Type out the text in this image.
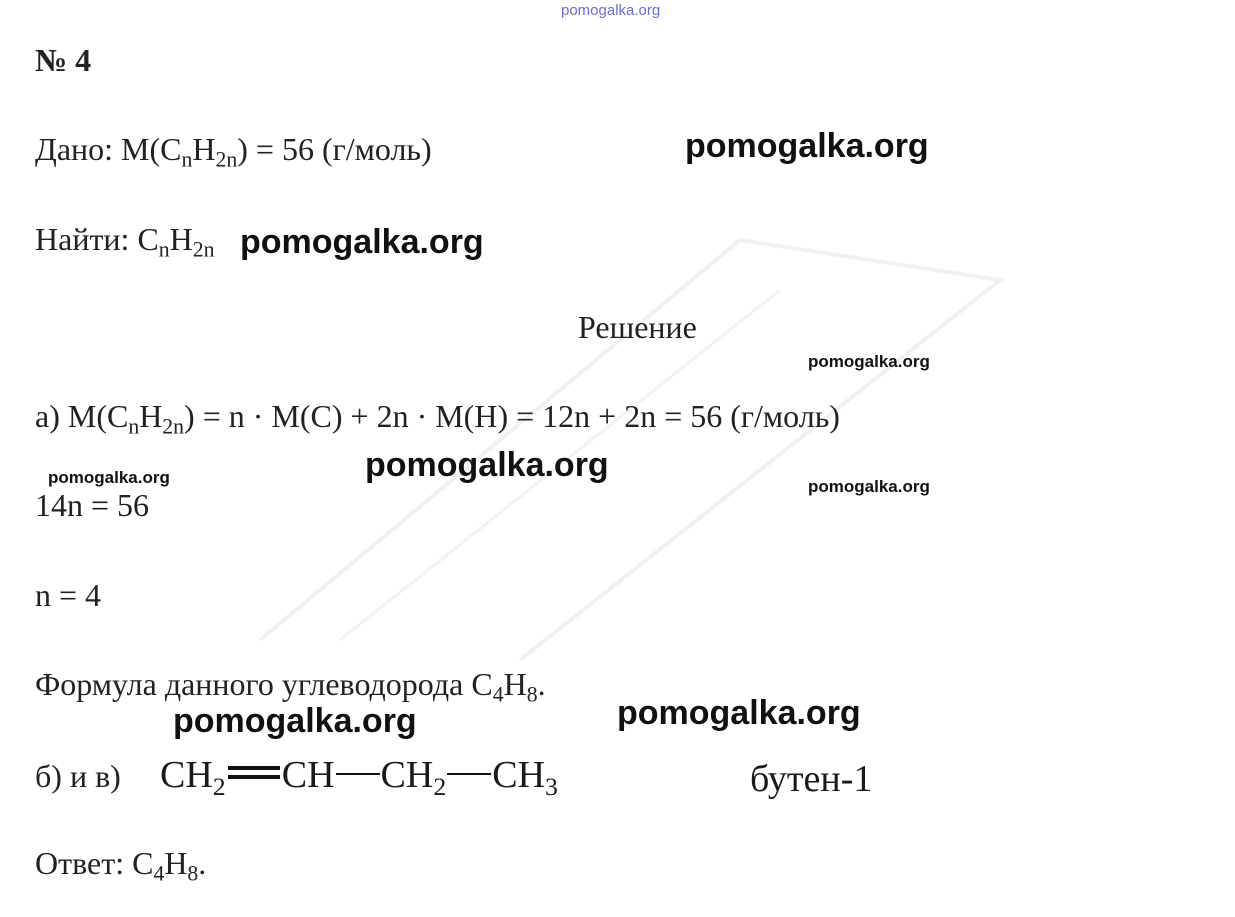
pomogalka.org
№ 4
Дано: $M(C_nH_{2n}) = 56$ (г/моль)	pomogalka.org
Найти: $C_nH_{2n}$ pomogalka.org
Решение
pomogalka.org
а) $M(C_nH_{2n}) = n \cdot M(C) + 2n \cdot M(H) = 12n + 2n = 56$ (г/моль)
pomogalka.org	pomogalka.org
pomogalka.org
14n = 56
n = 4
Формула данного углеводорода $C_4H_8$.
pomogalka.org	pomogalka.org
б) и в) $CH_2$ CH $CH_2$ $CH_3$	бутен-1
Ответ: $C_4H_8$.
